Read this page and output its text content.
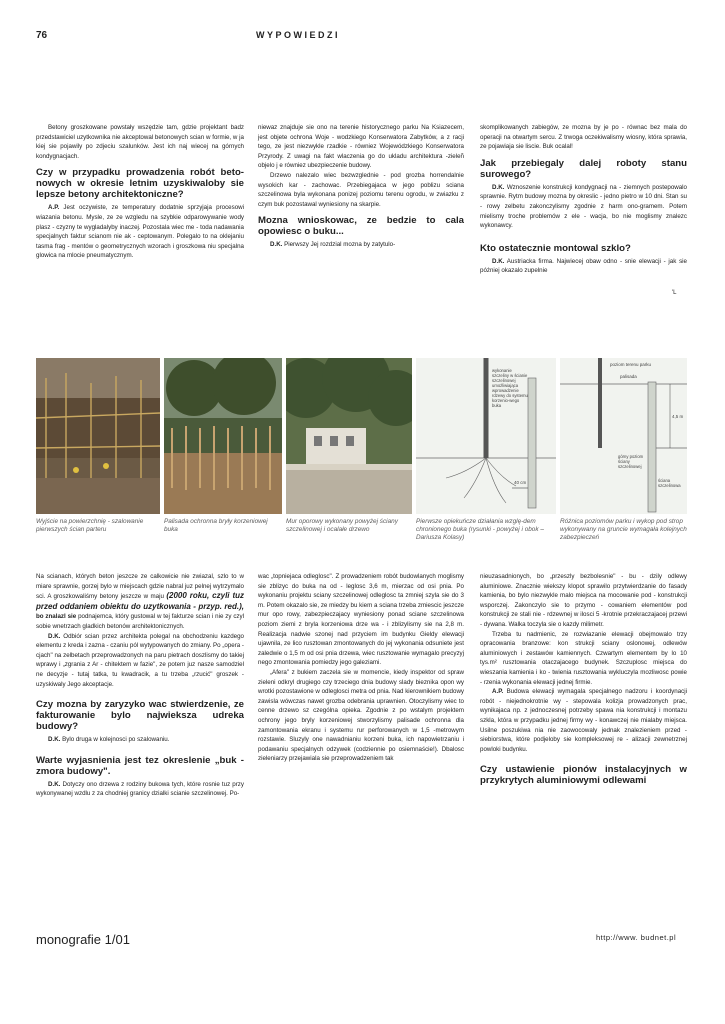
76	WYPOWIEDZI

Betony groszkowane powstały wszędzie tam, gdzie projektant badz przedstawiciel uzytkownika nie akceptowal betonowych scian w formie, w ja kiej sie pojawily po zdjeciu szalunków. Jest ich naj wiecej na górnych kondygnacjach.

Czy w przypadku prowadzenia robót beto-nowych w okresie letnim uzyskiwaloby sie lepsze betony architektoniczne?

A.P. Jest oczywiste, ze temperatury dodatnie sprzyjaja procesowi wiazania betonu. Mysle, ze ze wzgledu na szybkie odparowywanie wody plasz - czyzny te wygladalyby inaczej. Pozostala wiec me - toda nadawania specjalnych faktur scianom nie ak - ceptowanym. Polegalo to na oklejaniu tasma frag - mentów o geometrycznych wzorach i groszkowa niu specjalna glowica na mlocie pneumatycznym.

niewaz znajduje sie ono na terenie historycznego parku Na Ksiazecem, jest objete ochrona Woje - wodzkiego Konserwatora Zabytków, a z racji tego, ze jest niezwykle rzadkie - równiez Wojewódzkiego Konserwatora Przyrody. Z uwagi na fakt wlaczenia go do ukladu architektura -zieleñ objelo j e równiez ubezpieczenie budowy.

Drzewo nalezalo wiec bezwzglednie - pod grozba horrendalnie wysokich kar - zachowac. Przebiegajaca w jego poblizu sciana szczelinowa byla wykonana ponizej poziomu terenu ogrodu, w zwiazku z czym buk pozostawal wyniesiony na skarpie.

Mozna wnioskowac, ze bedzie to cala opowiesc o buku...

D.K. Pierwszy Jej rozdzial mozna by zatytulo-

skomplikowanych zabiegów, ze mozna by je po - równac bez mala do operacji na otwartym sercu. Z trwoga oczekiwalismy wiosny, która sprawia, ze pojawiaja sie liscie. Buk ocalal!

Jak przebiegaly dalej roboty stanu surowego?

D.K. Wznoszenie konstrukcji kondygnacji na - ziemnych postepowalo sprawnie. Rytm budowy mozna by okreslic - jedno pietro w 10 dni. Stan su - rowy zelbetu zakonczylismy zgodnie z harm ono-gramem. Potem mielismy troche problemów z ele - wacja, bo nie moglismy znalezc wykonawcy.

Kto ostatecznie montowal szklo?

D.K. Austriacka firma. Najwiecej obaw odno - snie elewacji - jak sie póżniej okazalo zupelnie

'L
Wyjście na powierzchnię - szalowanie pierwszych ścian parteru
Palisada ochronna bryły korzeniowej buka
Mur oporowy wykonany powyżej ściany szczelinowej i ocalałe drzewo
wykonanie szczeliny w ścianie szczelinowej umożliwiająca wprowadzenie rdzewy do systemu korzenio-wego buka
40 cm
Pierwsze opiekuńcze działania wzglę-dem chronionego buka (rysunki - powyżej i obok – Dariusza Kolasy)
poziom terenu parku
palisada
górny poziom ściany szczelinowej
ściana szczelinowa
4,5 m
Różnica poziomów parku i wykop pod strop wykonywany na gruncie wymagała kolejnych zabezpieczeń

Na scianach, których beton jeszcze ze calkowicie nie zwiazal, szlo to w miare sprawnie, gorzej bylo w miejscach gdzie nabral juz pelnej wytrzymalo sci. A groszkowaliśmy betony jeszcze w maju (2000 roku, czyli tuz przed oddaniem obiektu do uzytkowania - przyp. red.), bo znalazl sie podnajemca, który gustowal w tej fakturze scian i nie zy czyl sobie wnetrzach gladkich betonów architektonicznych.

D.K. Odbiór scian przez architekta polegal na obchodzeniu kazdego elementu z kreda i zazna - czaniu pól wytypowanych do zmiany. Po „opera - cjach" na zelbetach przeprowadzonych na paru pietrach doszlismy do takiej wprawy i „zgrania z Ar - chitektem w fazie", ze potem juz nasze samodziel ne decyzje - tutaj tatka, tu kwadracik, a tu trzeba „rzucić" groszek - uzyskiwaly Jego akceptacje.

Czy mozna by zaryzyko wac stwierdzenie, ze fakturowanie bylo najwieksza udreka budowy?

D.K. Bylo druga w kolejnosci po szalowaniu.

Warte wyjasnienia jest tez okreslenie „buk - zmora budowy".

D.K. Dotyczy ono drzewa z rodziny bukowa tych, które rosnie tuz przy wykonywanej wzdlu z za chodniej granicy dzialki scianie szczelinowej. Po-

wac „topniejaca odleglosc". Z prowadzeniem robót budowlanych moglismy sie zblizyc do buka na od - leglosc 3,6 m, mierzac od osi pnia. Po wykonaniu projektu sciany szczelinowej odleglosc ta zmniej szyla sie do 3 m. Potem okazalo sie, ze miedzy bu kiem a sciana trzeba zmiescic jeszcze mur opo rowy, zabezpieczajacy wyniesiony ponad sciane szczelinowa poziom ziemi z bryla korzeniowa drze wa - i zblizylismy sie na 2,8 m. Realizacja nadwie szonej nad przyciem im budynku Gieldy elewacji ujawnila, ze lico rusztowan zmontowanych do jej wykonania odsuniete jest zaledwie o 1,5 m od osi pnia drzewa, wiec rusztowanie wymagalo precyzyj nego zmontowania pomiedzy jego galeziami.

„Afera" z bukiem zaczela sie w momencie, kiedy inspektor od spraw zieleni odkryl drugiego czy trzeciego dnia budowy slady bieznika opon wy wrotki pozostawione w odleglosci metra od pnia. Nad kierownikiem budowy zawisla wówczas nawet grozba odebrania uprawnien. Otoczylismy wiec to cenne drzewo sz czególna opieka. Zgodnie z po wstalym projektem ochrony jego bryly korzeniowej stworzylismy palisade ochronna dla zamontowania ekranu i systemu rur perforowanych w 1,5 -metrowym rozstawie. Sluzyly one nawadnianiu korzeni buka, ich napowietrzaniu i podawaniu specjalnych odzywek (codziennie po osiemnaście!). Dbalosc zieleniarzy przejawiala sie przeprowadzeniem tak

nieuzasadnionych, bo „przeszly bezbolesnie" - bu - dzily odlewy aluminiowe. Znacznie wiekszy klopot sprawilo przytwierdzanie do fasady kamienia, bo bylo niezwykle malo miejsca na mocowanie pod - konstrukcji wsporczej. Zakonczylo sie to przymo - cowaniem elementów pod konstrukcji ze stali nie - rdzewnej w ilosci 5 -krotnie przekraczajacej przewi - dywana. Walka toczyla sie o kazdy milimetr.

Trzeba tu nadmienic, ze rozwiazanie elewacji obejmowalo trzy opracowania branzowe: kon strukcji sciany oslonowej, odlewów aluminiowych i zestawów kamiennych. Czwartym elementem by lo 10 tys.m² rusztowania otaczajacego budynek. Szczuplosc miejsca do wieszania kamienia i ko - twienia rusztowania wykluczyla mozliwosc powie - rzenia wykonania elewacji jednej firmie.

A.P. Budowa elewacji wymagala specjalnego nadzoru i koordynacji robót - niejednokrotnie wy - stepowala kolizja prowadzonych prac, wynikajaca np. z jednoczesnej potrzeby spawa nia konstrukcji i montazu szkla, która w przypadku jednej firmy wy - konawczej nie mialaby miejsca. Usilne poszukiwa nia nie zaowocowaly jednak znalezieniem przed - siebiorstwa, które podjeloby sie kompleksowej re - alizacji zewnetrznej powloki budynku.

Czy ustawienie pionów instalacyjnych w przykrytych aluminiowymi odlewami
monografie 1/01	http://www. budnet.pl
